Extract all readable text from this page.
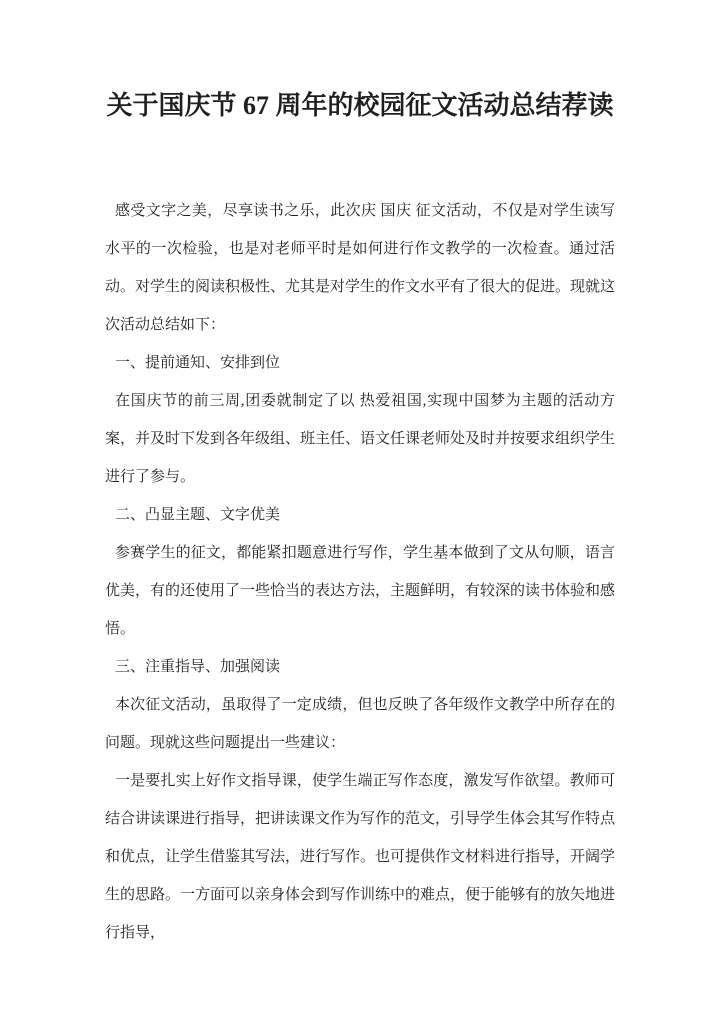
关于国庆节 67 周年的校园征文活动总结荐读

感受文字之美，尽享读书之乐，此次庆 国庆 征文活动，不仅是对学生读写水平的一次检验，也是对老师平时是如何进行作文教学的一次检查。通过活动。对学生的阅读积极性、尤其是对学生的作文水平有了很大的促进。现就这次活动总结如下：

一、提前通知、安排到位

在国庆节的前三周,团委就制定了以 热爱祖国,实现中国梦为主题的活动方案，并及时下发到各年级组、班主任、语文任课老师处及时并按要求组织学生进行了参与。

二、凸显主题、文字优美

参赛学生的征文，都能紧扣题意进行写作，学生基本做到了文从句顺，语言优美，有的还使用了一些恰当的表达方法，主题鲜明，有较深的读书体验和感悟。

三、注重指导、加强阅读

本次征文活动，虽取得了一定成绩，但也反映了各年级作文教学中所存在的问题。现就这些问题提出一些建议：

一是要扎实上好作文指导课，使学生端正写作态度，激发写作欲望。教师可结合讲读课进行指导，把讲读课文作为写作的范文，引导学生体会其写作特点和优点，让学生借鉴其写法，进行写作。也可提供作文材料进行指导，开阔学生的思路。一方面可以亲身体会到写作训练中的难点，便于能够有的放矢地进行指导，
